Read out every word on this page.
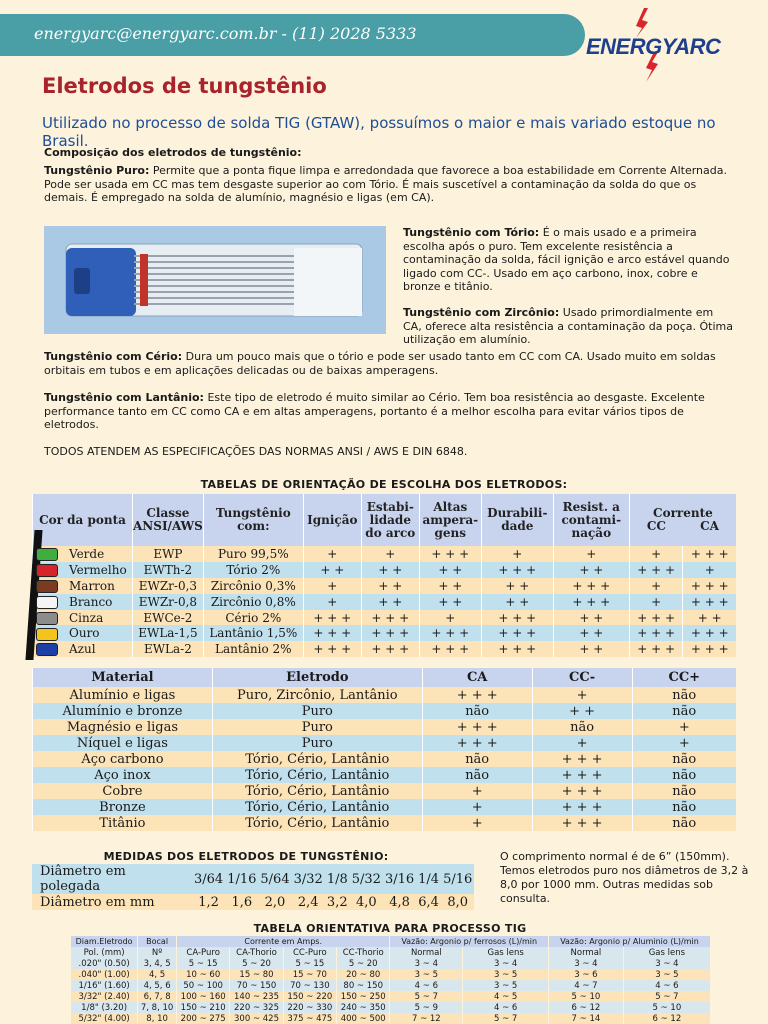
energyarc@energyarc.com.br - (11) 2028 5333
ENERGYARC
Eletrodos de tungstênio
Utilizado no processo de solda TIG (GTAW), possuímos o maior e mais variado estoque no Brasil.
Composição dos eletrodos de tungstênio:
Tungstênio Puro: Permite que a ponta fique limpa e arredondada que favorece a boa estabilidade em Corrente Alternada. Pode ser usada em CC mas tem desgaste superior ao com Tório. É mais suscetível a contaminação da solda do que os demais. É empregado na solda de alumínio, magnésio e ligas (em CA).
Tungstênio com Tório: É o mais usado e a primeira escolha após o puro. Tem excelente resistência a contaminação da solda, fácil ignição e arco estável quando ligado com CC-. Usado em aço carbono, inox, cobre e bronze e titânio.
Tungstênio com Zircônio: Usado primordialmente em CA, oferece alta resistência a contaminação da poça. Ótima utilização em alumínio.
Tungstênio com Cério: Dura um pouco mais que o tório e pode ser usado tanto em CC com CA. Usado muito em soldas orbitais em tubos e em aplicações delicadas ou de baixas amperagens.
Tungstênio com Lantânio: Este tipo de eletrodo é muito similar ao Cério. Tem boa resistência ao desgaste. Excelente performance tanto em CC como CA e em altas amperagens, portanto é a melhor escolha para evitar vários tipos de eletrodos.
TODOS ATENDEM AS ESPECIFICAÇÕES DAS NORMAS ANSI / AWS E DIN 6848.
TABELAS DE ORIENTAÇÃO DE ESCOLHA DOS ELETRODOS:
Cor da ponta	Classe ANSI/AWS	Tungstênio com:	Ignição	Estabi-lidade do arco	Altas ampera-gens	Durabili-dade	Resist. a contami-nação	Corrente
CC CA	

Verde	EWP	Puro 99,5%	+	+	+ + +	+	+	+	+ + +
Vermelho	EWTh-2	Tório 2%	+ +	+ +	+ +	+ + +	+ +	+ + +	+
Marron	EWZr-0,3	Zircônio 0,3%	+	+ +	+ +	+ +	+ + +	+	+ + +
Branco	EWZr-0,8	Zircônio 0,8%	+	+ +	+ +	+ +	+ + +	+	+ + +
Cinza	EWCe-2	Cério 2%	+ + +	+ + +	+	+ + +	+ +	+ + +	+ +
Ouro	EWLa-1,5	Lantânio 1,5%	+ + +	+ + +	+ + +	+ + +	+ +	+ + +	+ + +
Azul	EWLa-2	Lantânio 2%	+ + +	+ + +	+ + +	+ + +	+ +	+ + +	+ + +
Material	Eletrodo	CA	CC-	CC+
Alumínio e ligas	Puro, Zircônio, Lantânio	+ + +	+	não
Alumínio e bronze	Puro	não	+ +	não
Magnésio e ligas	Puro	+ + +	não	+
Níquel e ligas	Puro	+ + +	+	+
Aço carbono	Tório, Cério, Lantânio	não	+ + +	não
Aço inox	Tório, Cério, Lantânio	não	+ + +	não
Cobre	Tório, Cério, Lantânio	+	+ + +	não
Bronze	Tório, Cério, Lantânio	+	+ + +	não
Titânio	Tório, Cério, Lantânio	+	+ + +	não
MEDIDAS DOS ELETRODOS DE TUNGSTÊNIO:
Diâmetro em polegada	3/64	1/16	5/64	3/32	1/8	5/32	3/16	1/4	5/16
Diâmetro em mm	1,2	1,6	2,0	2,4	3,2	4,0	4,8	6,4	8,0
O comprimento normal é de 6” (150mm). Temos eletrodos puro nos diâmetros de 3,2 à 8,0 por 1000 mm. Outras medidas sob consulta.
TABELA ORIENTATIVA PARA PROCESSO TIG
Diam.Eletrodo	Bocal	Corrente em Amps.				Vazão: Argonio p/ ferrosos (L)/min		Vazão: Argonio p/ Aluminio (L)/min	
Pol. (mm)	Nº	CA-Puro	CA-Thorio	CC-Puro	CC-Thorio	Normal	Gas lens	Normal	Gas lens
.020" (0.50)	3, 4, 5	5 ~ 15	5 ~ 20	5 ~ 15	5 ~ 20	3 ~ 4	3 ~ 4	3 ~ 4	3 ~ 4
.040" (1.00)	4, 5	10 ~ 60	15 ~ 80	15 ~ 70	20 ~ 80	3 ~ 5	3 ~ 5	3 ~ 6	3 ~ 5
1/16" (1.60)	4, 5, 6	50 ~ 100	70 ~ 150	70 ~ 130	80 ~ 150	4 ~ 6	3 ~ 5	4 ~ 7	4 ~ 6
3/32" (2.40)	6, 7, 8	100 ~ 160	140 ~ 235	150 ~ 220	150 ~ 250	5 ~ 7	4 ~ 5	5 ~ 10	5 ~ 7
1/8" (3.20)	7, 8, 10	150 ~ 210	220 ~ 325	220 ~ 330	240 ~ 350	5 ~ 9	4 ~ 6	6 ~ 12	5 ~ 10
5/32" (4.00)	8, 10	200 ~ 275	300 ~ 425	375 ~ 475	400 ~ 500	7 ~ 12	5 ~ 7	7 ~ 14	6 ~ 12
